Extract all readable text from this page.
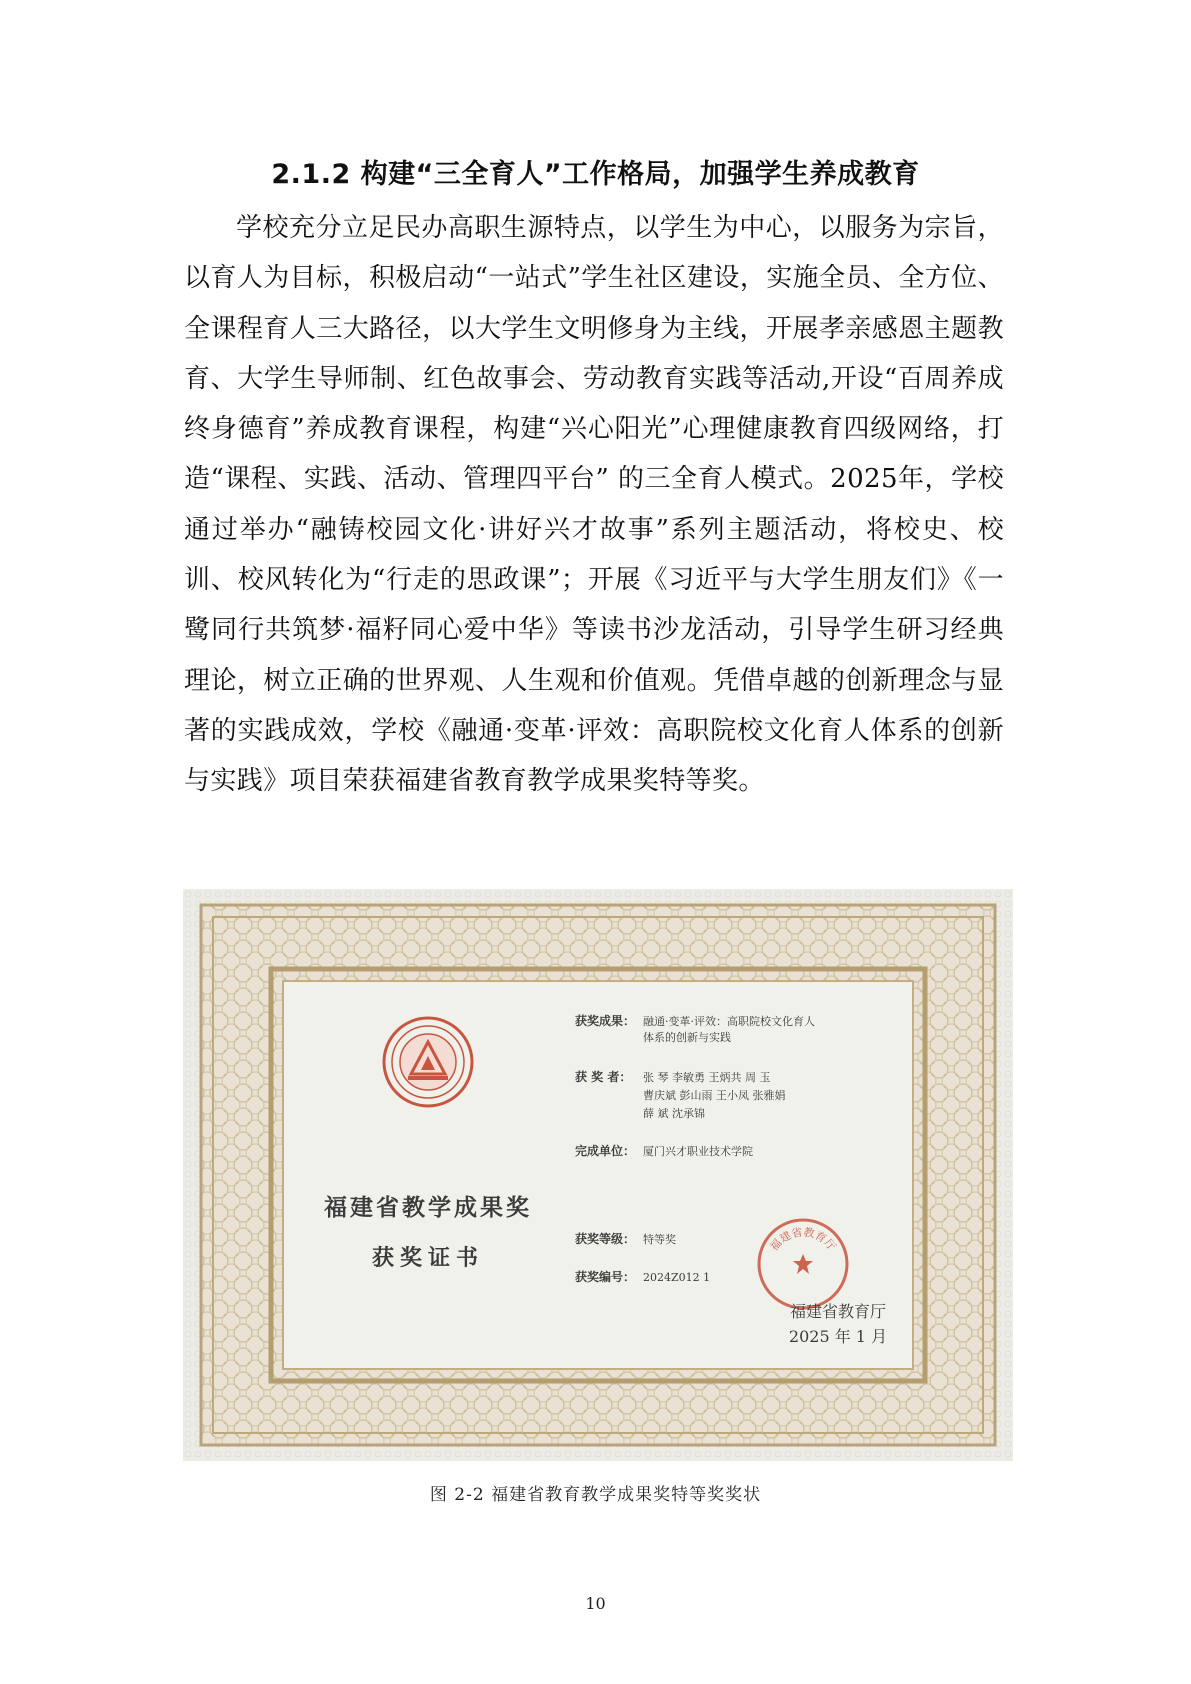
2.1.2 构建“三全育人”工作格局，加强学生养成教育

学校充分立足民办高职生源特点，以学生为中心，以服务为宗旨，以育人为目标，积极启动“一站式”学生社区建设，实施全员、全方位、全课程育人三大路径，以大学生文明修身为主线，开展孝亲感恩主题教育、大学生导师制、红色故事会、劳动教育实践等活动,开设“百周养成 终身德育”养成教育课程，构建“兴心阳光”心理健康教育四级网络，打造“课程、实践、活动、管理四平台” 的三全育人模式。2025年，学校通过举办“融铸校园文化·讲好兴才故事”系列主题活动，将校史、校训、校风转化为“行走的思政课”；开展《习近平与大学生朋友们》《一鹭同行共筑梦·福籽同心爱中华》等读书沙龙活动，引导学生研习经典理论，树立正确的世界观、人生观和价值观。凭借卓越的创新理念与显著的实践成效，学校《融通·变革·评效：高职院校文化育人体系的创新与实践》项目荣获福建省教育教学成果奖特等奖。

福建省教学成果奖
获奖证书
获奖成果： 融通·变革·评效：高职院校文化育人
体系的创新与实践
获 奖 者： 张 琴 李敏勇 王炳共 周 玉
曹庆斌 彭山雨 王小凤 张雅娟
薛 斌 沈承锦
完成单位： 厦门兴才职业技术学院
获奖等级： 特等奖
获奖编号： 2024Z012 1
福建省教育厅
福建省教育厅
2025 年 1 月
图 2-2 福建省教育教学成果奖特等奖奖状
10
